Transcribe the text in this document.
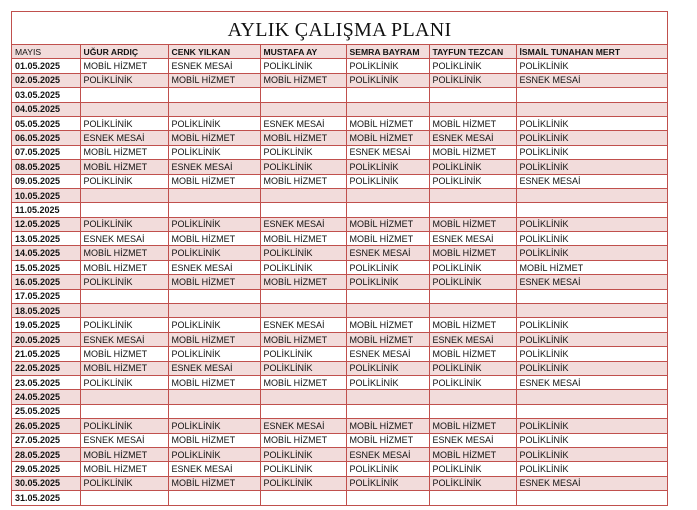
AYLIK ÇALIŞMA PLANI
MAYIS	UĞUR ARDIÇ	CENK YILKAN	MUSTAFA AY	SEMRA BAYRAM	TAYFUN TEZCAN	İSMAİL TUNAHAN MERT
01.05.2025	MOBİL HİZMET	ESNEK MESAİ	POLİKLİNİK	POLİKLİNİK	POLİKLİNİK	POLİKLİNİK
02.05.2025	POLİKLİNİK	MOBİL HİZMET	MOBİL HİZMET	POLİKLİNİK	POLİKLİNİK	ESNEK MESAİ
03.05.2025						
04.05.2025						
05.05.2025	POLİKLİNİK	POLİKLİNİK	ESNEK MESAİ	MOBİL HİZMET	MOBİL HİZMET	POLİKLİNİK
06.05.2025	ESNEK MESAİ	MOBİL HİZMET	MOBİL HİZMET	MOBİL HİZMET	ESNEK MESAİ	POLİKLİNİK
07.05.2025	MOBİL HİZMET	POLİKLİNİK	POLİKLİNİK	ESNEK MESAİ	MOBİL HİZMET	POLİKLİNİK
08.05.2025	MOBİL HİZMET	ESNEK MESAİ	POLİKLİNİK	POLİKLİNİK	POLİKLİNİK	POLİKLİNİK
09.05.2025	POLİKLİNİK	MOBİL HİZMET	MOBİL HİZMET	POLİKLİNİK	POLİKLİNİK	ESNEK MESAİ
10.05.2025						
11.05.2025						
12.05.2025	POLİKLİNİK	POLİKLİNİK	ESNEK MESAİ	MOBİL HİZMET	MOBİL HİZMET	POLİKLİNİK
13.05.2025	ESNEK MESAİ	MOBİL HİZMET	MOBİL HİZMET	MOBİL HİZMET	ESNEK MESAİ	POLİKLİNİK
14.05.2025	MOBİL HİZMET	POLİKLİNİK	POLİKLİNİK	ESNEK MESAİ	MOBİL HİZMET	POLİKLİNİK
15.05.2025	MOBİL HİZMET	ESNEK MESAİ	POLİKLİNİK	POLİKLİNİK	POLİKLİNİK	MOBİL HİZMET
16.05.2025	POLİKLİNİK	MOBİL HİZMET	MOBİL HİZMET	POLİKLİNİK	POLİKLİNİK	ESNEK MESAİ
17.05.2025						
18.05.2025						
19.05.2025	POLİKLİNİK	POLİKLİNİK	ESNEK MESAİ	MOBİL HİZMET	MOBİL HİZMET	POLİKLİNİK
20.05.2025	ESNEK MESAİ	MOBİL HİZMET	MOBİL HİZMET	MOBİL HİZMET	ESNEK MESAİ	POLİKLİNİK
21.05.2025	MOBİL HİZMET	POLİKLİNİK	POLİKLİNİK	ESNEK MESAİ	MOBİL HİZMET	POLİKLİNİK
22.05.2025	MOBİL HİZMET	ESNEK MESAİ	POLİKLİNİK	POLİKLİNİK	POLİKLİNİK	POLİKLİNİK
23.05.2025	POLİKLİNİK	MOBİL HİZMET	MOBİL HİZMET	POLİKLİNİK	POLİKLİNİK	ESNEK MESAİ
24.05.2025						
25.05.2025						
26.05.2025	POLİKLİNİK	POLİKLİNİK	ESNEK MESAİ	MOBİL HİZMET	MOBİL HİZMET	POLİKLİNİK
27.05.2025	ESNEK MESAİ	MOBİL HİZMET	MOBİL HİZMET	MOBİL HİZMET	ESNEK MESAİ	POLİKLİNİK
28.05.2025	MOBİL HİZMET	POLİKLİNİK	POLİKLİNİK	ESNEK MESAİ	MOBİL HİZMET	POLİKLİNİK
29.05.2025	MOBİL HİZMET	ESNEK MESAİ	POLİKLİNİK	POLİKLİNİK	POLİKLİNİK	POLİKLİNİK
30.05.2025	POLİKLİNİK	MOBİL HİZMET	POLİKLİNİK	POLİKLİNİK	POLİKLİNİK	ESNEK MESAİ
31.05.2025						
